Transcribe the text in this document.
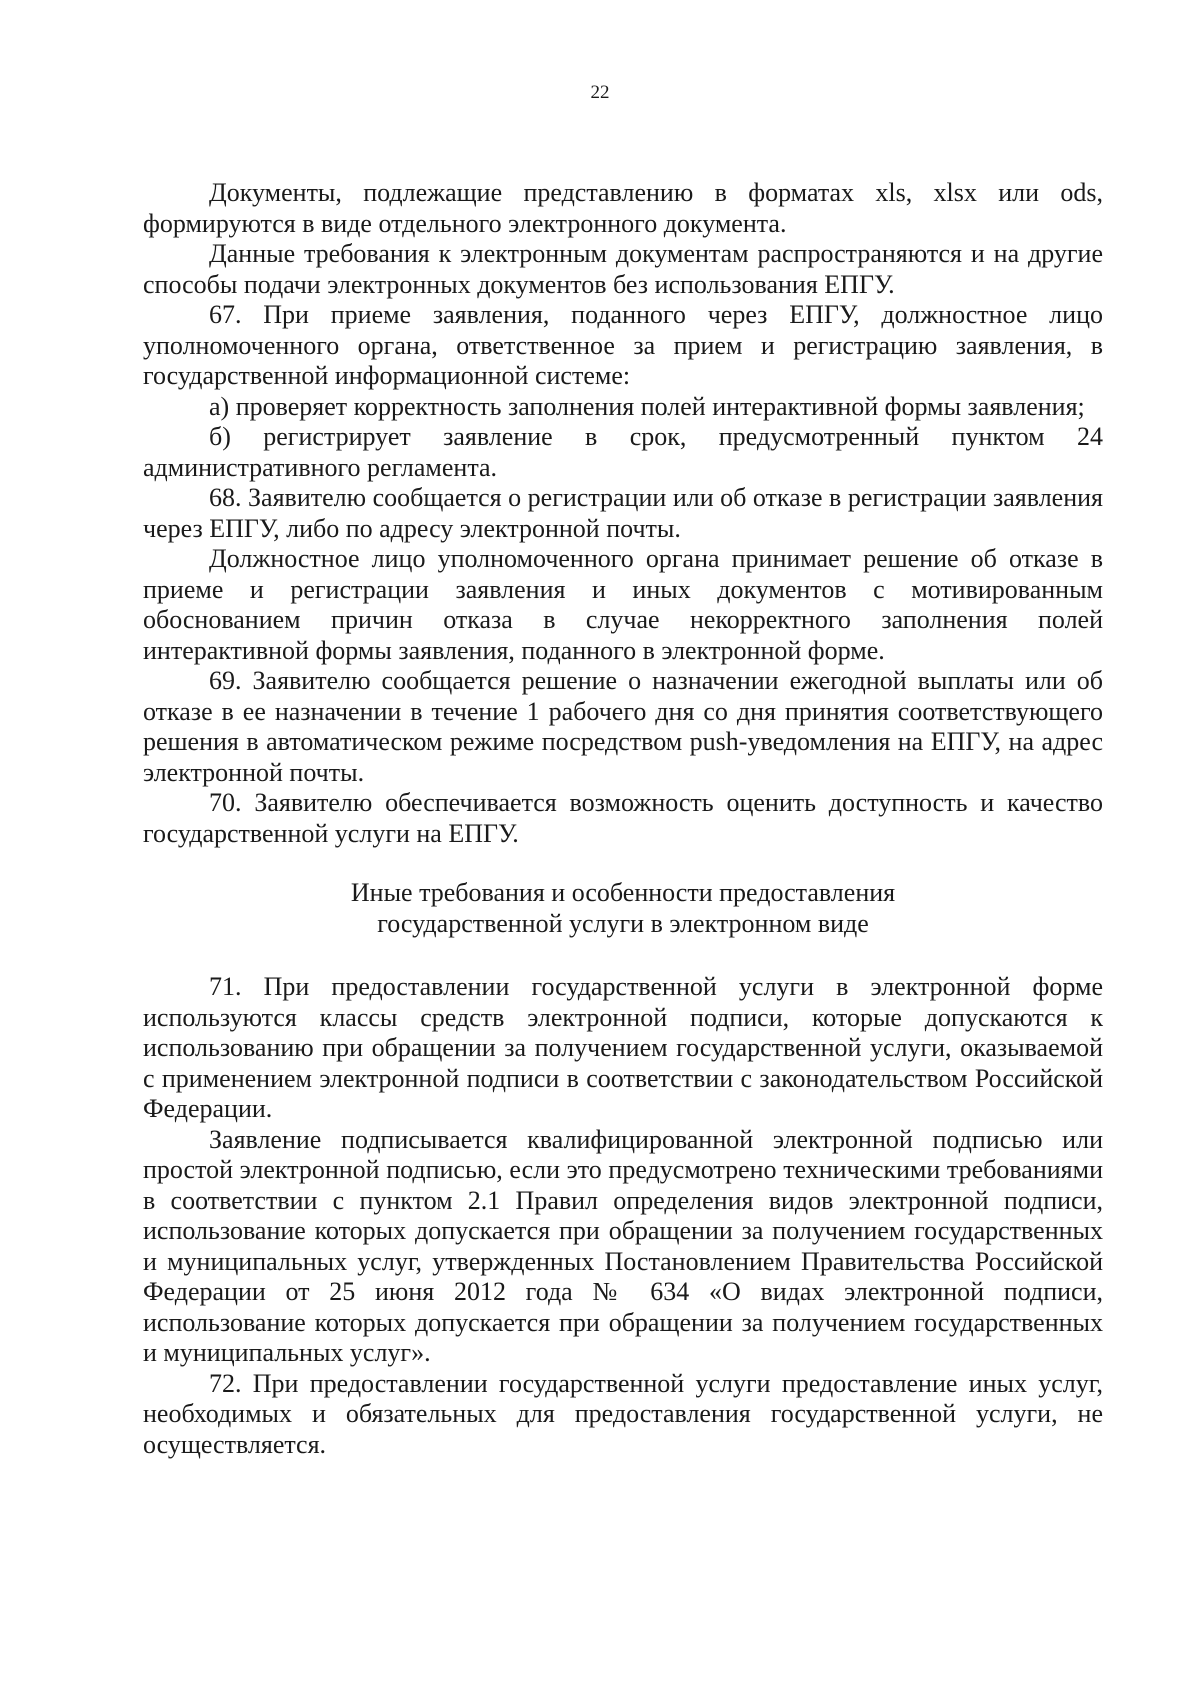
22

Документы, подлежащие представлению в форматах xls, xlsx или ods, формируются в виде отдельного электронного документа.

Данные требования к электронным документам распространяются и на другие способы подачи электронных документов без использования ЕПГУ.

67. При приеме заявления, поданного через ЕПГУ, должностное лицо уполномоченного органа, ответственное за прием и регистрацию заявления, в государственной информационной системе:

а) проверяет корректность заполнения полей интерактивной формы заявления;

б) регистрирует заявление в срок, предусмотренный пунктом 24 административного регламента.

68. Заявителю сообщается о регистрации или об отказе в регистрации заявления через ЕПГУ, либо по адресу электронной почты.

Должностное лицо уполномоченного органа принимает решение об отказе в приеме и регистрации заявления и иных документов с мотивированным обоснованием причин отказа в случае некорректного заполнения полей интерактивной формы заявления, поданного в электронной форме.

69. Заявителю сообщается решение о назначении ежегодной выплаты или об отказе в ее назначении в течение 1 рабочего дня со дня принятия соответствующего решения в автоматическом режиме посредством push-уведомления на ЕПГУ, на адрес электронной почты.

70. Заявителю обеспечивается возможность оценить доступность и качество государственной услуги на ЕПГУ.

Иные требования и особенности предоставления государственной услуги в электронном виде

71. При предоставлении государственной услуги в электронной форме используются классы средств электронной подписи, которые допускаются к использованию при обращении за получением государственной услуги, оказываемой с применением электронной подписи в соответствии с законодательством Российской Федерации.

Заявление подписывается квалифицированной электронной подписью или простой электронной подписью, если это предусмотрено техническими требованиями в соответствии с пунктом 2.1 Правил определения видов электронной подписи, использование которых допускается при обращении за получением государственных и муниципальных услуг, утвержденных Постановлением Правительства Российской Федерации от 25 июня 2012 года № 634 «О видах электронной подписи, использование которых допускается при обращении за получением государственных и муниципальных услуг».

72. При предоставлении государственной услуги предоставление иных услуг, необходимых и обязательных для предоставления государственной услуги, не осуществляется.
